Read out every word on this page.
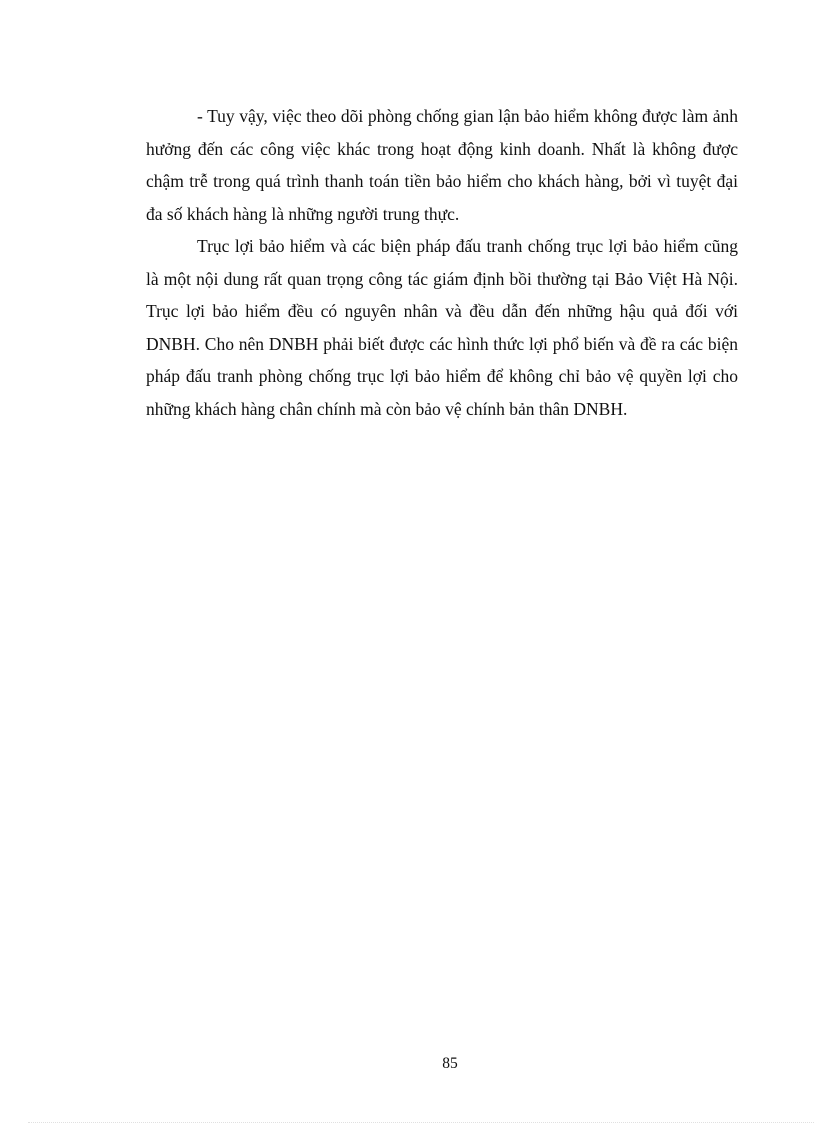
- Tuy vậy, việc theo dõi phòng chống gian lận bảo hiểm không được làm ảnh hưởng đến các công việc khác trong hoạt động kinh doanh. Nhất là không được chậm trễ trong quá trình thanh toán tiền bảo hiểm cho khách hàng, bởi vì tuyệt đại đa số khách hàng là những người trung thực.

Trục lợi bảo hiểm và các biện pháp đấu tranh chống trục lợi bảo hiểm cũng là một nội dung rất quan trọng công tác giám định bồi thường tại Bảo Việt Hà Nội. Trục lợi bảo hiểm đều có nguyên nhân và đều dẫn đến những hậu quả đối với DNBH. Cho nên DNBH phải biết được các hình thức lợi phổ biến và đề ra các biện pháp đấu tranh phòng chống trục lợi bảo hiểm để không chỉ bảo vệ quyền lợi cho những khách hàng chân chính mà còn bảo vệ chính bản thân DNBH.

85
